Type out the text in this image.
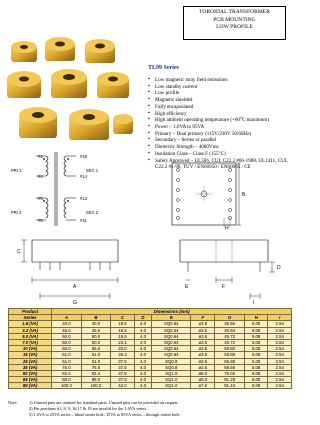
TOROIDAL TRANSFORMER
PCB MOUNTING
LOW PROFILE
TL99 Series
▪ Low magnetic stray field emissions
▪ Low standby current
▪ Low profile
▪ Magnetic shielded
▪ Fully encapsulated
▪ High efficiency
▪ High ambient operating temperature (+60°C maximum)
▪ Power – 1.6VA to 85VA
▪ Primary – Dual primary (115V/230V 50/60Hz)
▪ Secondary – Series or parallel
▪ Dielectric Strength – 4000Vms
▪ Insulation Class – Class F (155°C)
▪ Safety Approved – UL506, CUL C22.2 #66-1988, UL1411, CUL C22.2 #1-98, TUV / EN60950 / EN60065 / CE
#1
#4
#5
#8
#16
#14
#13
#11
PRI 1
PRI 2
SEC 1
SEC 2
B
H
A
C
G
D
F
E
I
Product	Dimensions (mm)								
Series	A	B	C	D	E	F	G	H	I
1.6 (VA)	40.0	40.0	18.5	4.0	SQ0.64	ø3.5	35.56	5.08	2.54
3.2 (VA)	45.0	45.0	19.5	4.0	SQ0.64	ø3.5	40.64	5.08	2.54
5.0 (VA)	50.0	50.0	19.5	4.0	SQ0.64	ø3.5	45.72	5.08	2.54
7.0 (VA)	50.0	50.0	23.1	4.0	SQ0.64	ø3.5	45.72	5.08	2.54
10 (VA)	56.0	56.0	26.0	4.0	SQ0.64	ø3.5	50.80	5.08	2.54
15 (VA)	61.0	61.0	26.3	4.0	SQ0.64	ø3.5	55.88	5.08	2.54
25 (VA)	61.0	61.0	37.5	4.0	SQ0.8	ø3.5	55.88	5.08	2.54
35 (VA)	75.0	75.0	37.5	4.0	SQ0.8	ø3.5	68.58	5.08	2.54
50 (VA)	82.4	82.4	37.5	4.0	SQ1.0	ø6.0	76.02	5.08	2.54
65 (VA)	88.0	88.0	37.5	4.0	SQ1.0	ø6.0	81.28	5.08	2.54
85 (VA)	100.0	100.0	42.0	4.0	SQ1.0	ø7.0	91.44	5.08	2.54
Note:	1) Unused pins are omitted for standard parts. Unused pins can be provided on request.
2) Pin positions #1, 8, 9, 16,17 & 18 are invalid for the 1.6VA series.
3) 1.6VA to 25VA series – blind center hole; 35VA to 85VA series – through center hole.
